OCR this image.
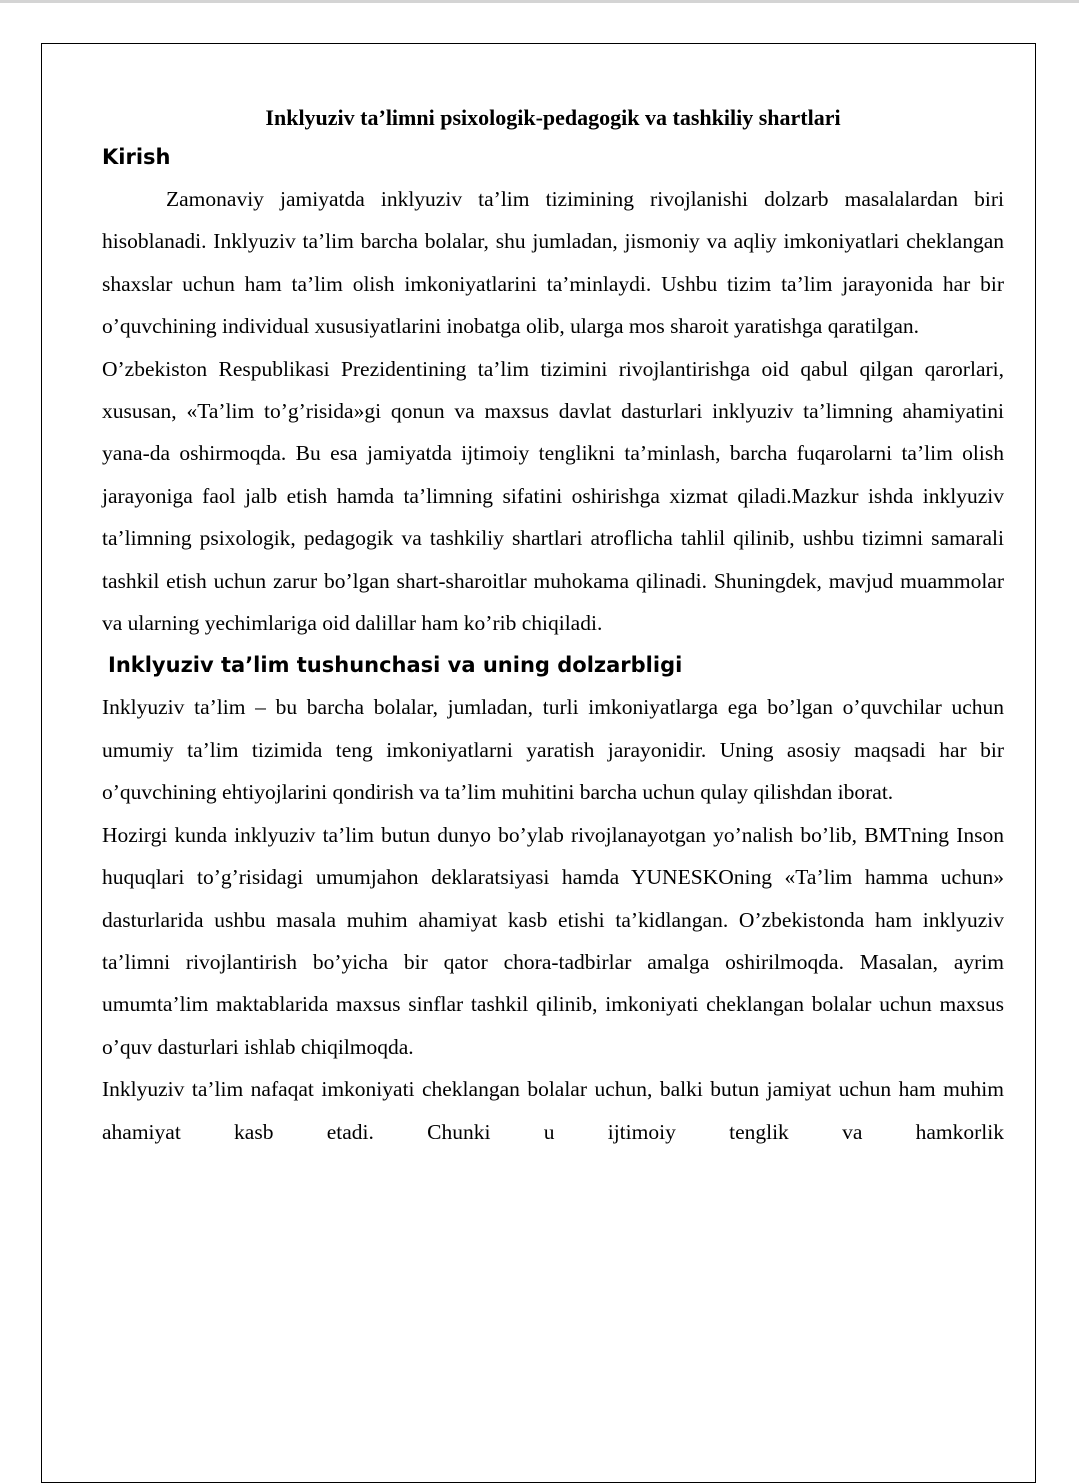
Inklyuziv ta’limni psixologik-pedagogik va tashkiliy shartlari
Kirish

Zamonaviy jamiyatda inklyuziv ta’lim tizimining rivojlanishi dolzarb masalalardan biri hisoblanadi. Inklyuziv ta’lim barcha bolalar, shu jumladan, jismoniy va aqliy imkoniyatlari cheklangan shaxslar uchun ham ta’lim olish imkoniyatlarini ta’minlaydi. Ushbu tizim ta’lim jarayonida har bir o’quvchining individual xususiyatlarini inobatga olib, ularga mos sharoit yaratishga qaratilgan.

O’zbekiston Respublikasi Prezidentining ta’lim tizimini rivojlantirishga oid qabul qilgan qarorlari, xususan, «Ta’lim to’g’risida»gi qonun va maxsus davlat dasturlari inklyuziv ta’limning ahamiyatini yana-da oshirmoqda. Bu esa jamiyatda ijtimoiy tenglikni ta’minlash, barcha fuqarolarni ta’lim olish jarayoniga faol jalb etish hamda ta’limning sifatini oshirishga xizmat qiladi.Mazkur ishda inklyuziv ta’limning psixologik, pedagogik va tashkiliy shartlari atroflicha tahlil qilinib, ushbu tizimni samarali tashkil etish uchun zarur bo’lgan shart-sharoitlar muhokama qilinadi. Shuningdek, mavjud muammolar va ularning yechimlariga oid dalillar ham ko’rib chiqiladi.

Inklyuziv ta’lim tushunchasi va uning dolzarbligi

Inklyuziv ta’lim – bu barcha bolalar, jumladan, turli imkoniyatlarga ega bo’lgan o’quvchilar uchun umumiy ta’lim tizimida teng imkoniyatlarni yaratish jarayonidir. Uning asosiy maqsadi har bir o’quvchining ehtiyojlarini qondirish va ta’lim muhitini barcha uchun qulay qilishdan iborat.

Hozirgi kunda inklyuziv ta’lim butun dunyo bo’ylab rivojlanayotgan yo’nalish bo’lib, BMTning Inson huquqlari to’g’risidagi umumjahon deklaratsiyasi hamda YUNESKOning «Ta’lim hamma uchun» dasturlarida ushbu masala muhim ahamiyat kasb etishi ta’kidlangan. O’zbekistonda ham inklyuziv ta’limni rivojlantirish bo’yicha bir qator chora-tadbirlar amalga oshirilmoqda. Masalan, ayrim umumta’lim maktablarida maxsus sinflar tashkil qilinib, imkoniyati cheklangan bolalar uchun maxsus o’quv dasturlari ishlab chiqilmoqda.

Inklyuziv ta’lim nafaqat imkoniyati cheklangan bolalar uchun, balki butun jamiyat uchun ham muhim ahamiyat kasb etadi. Chunki u ijtimoiy tenglik va hamkorlik
